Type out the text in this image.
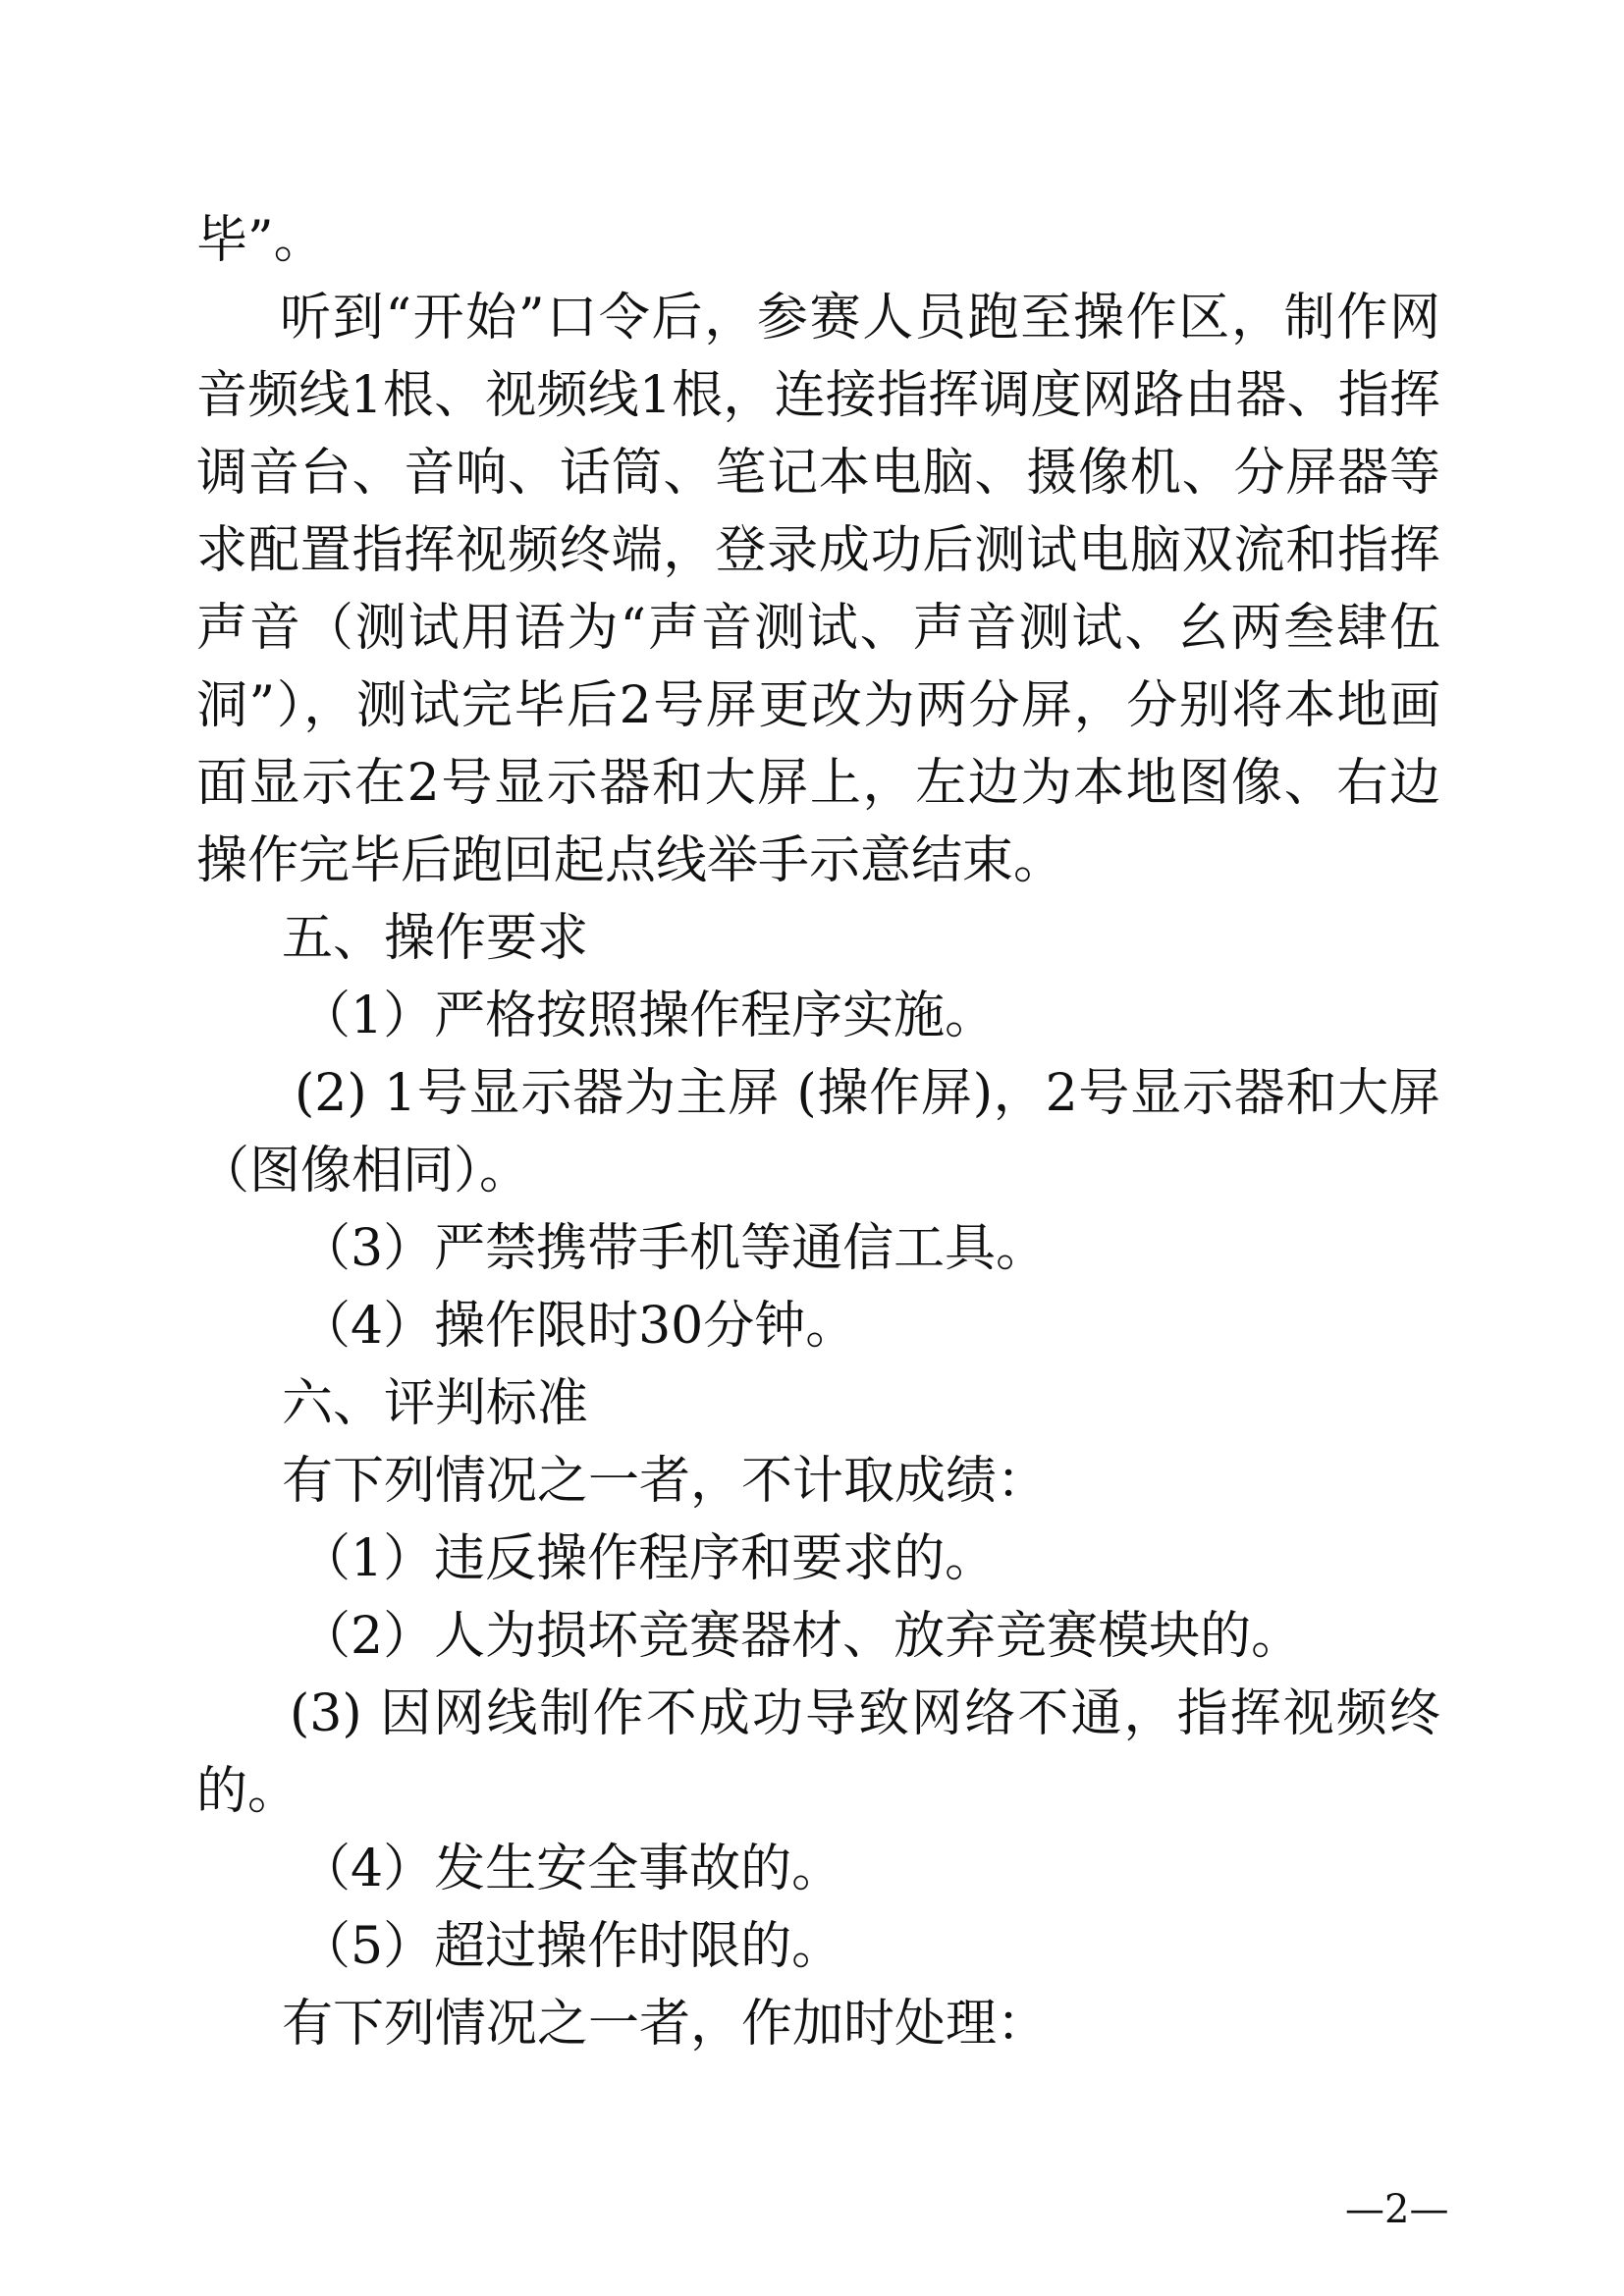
毕”。
听到“开始”口令后，参赛人员跑至操作区，制作网
音频线1根、视频线1根，连接指挥调度网路由器、指挥
调音台、音响、话筒、笔记本电脑、摄像机、分屏器等
求配置指挥视频终端，登录成功后测试电脑双流和指挥
声音（测试用语为“声音测试、声音测试、幺两叁肆伍
洞”），测试完毕后2号屏更改为两分屏，分别将本地画
面显示在2号显示器和大屏上，左边为本地图像、右边
操作完毕后跑回起点线举手示意结束。
五、操作要求
（1）严格按照操作程序实施。
(2) 1号显示器为主屏 (操作屏)，2号显示器和大屏
（图像相同）。
（3）严禁携带手机等通信工具。
（4）操作限时30分钟。
六、评判标准
有下列情况之一者，不计取成绩：
（1）违反操作程序和要求的。
（2）人为损坏竞赛器材、放弃竞赛模块的。
(3) 因网线制作不成功导致网络不通，指挥视频终
的。
（4）发生安全事故的。
（5）超过操作时限的。
有下列情况之一者，作加时处理：
—2—
